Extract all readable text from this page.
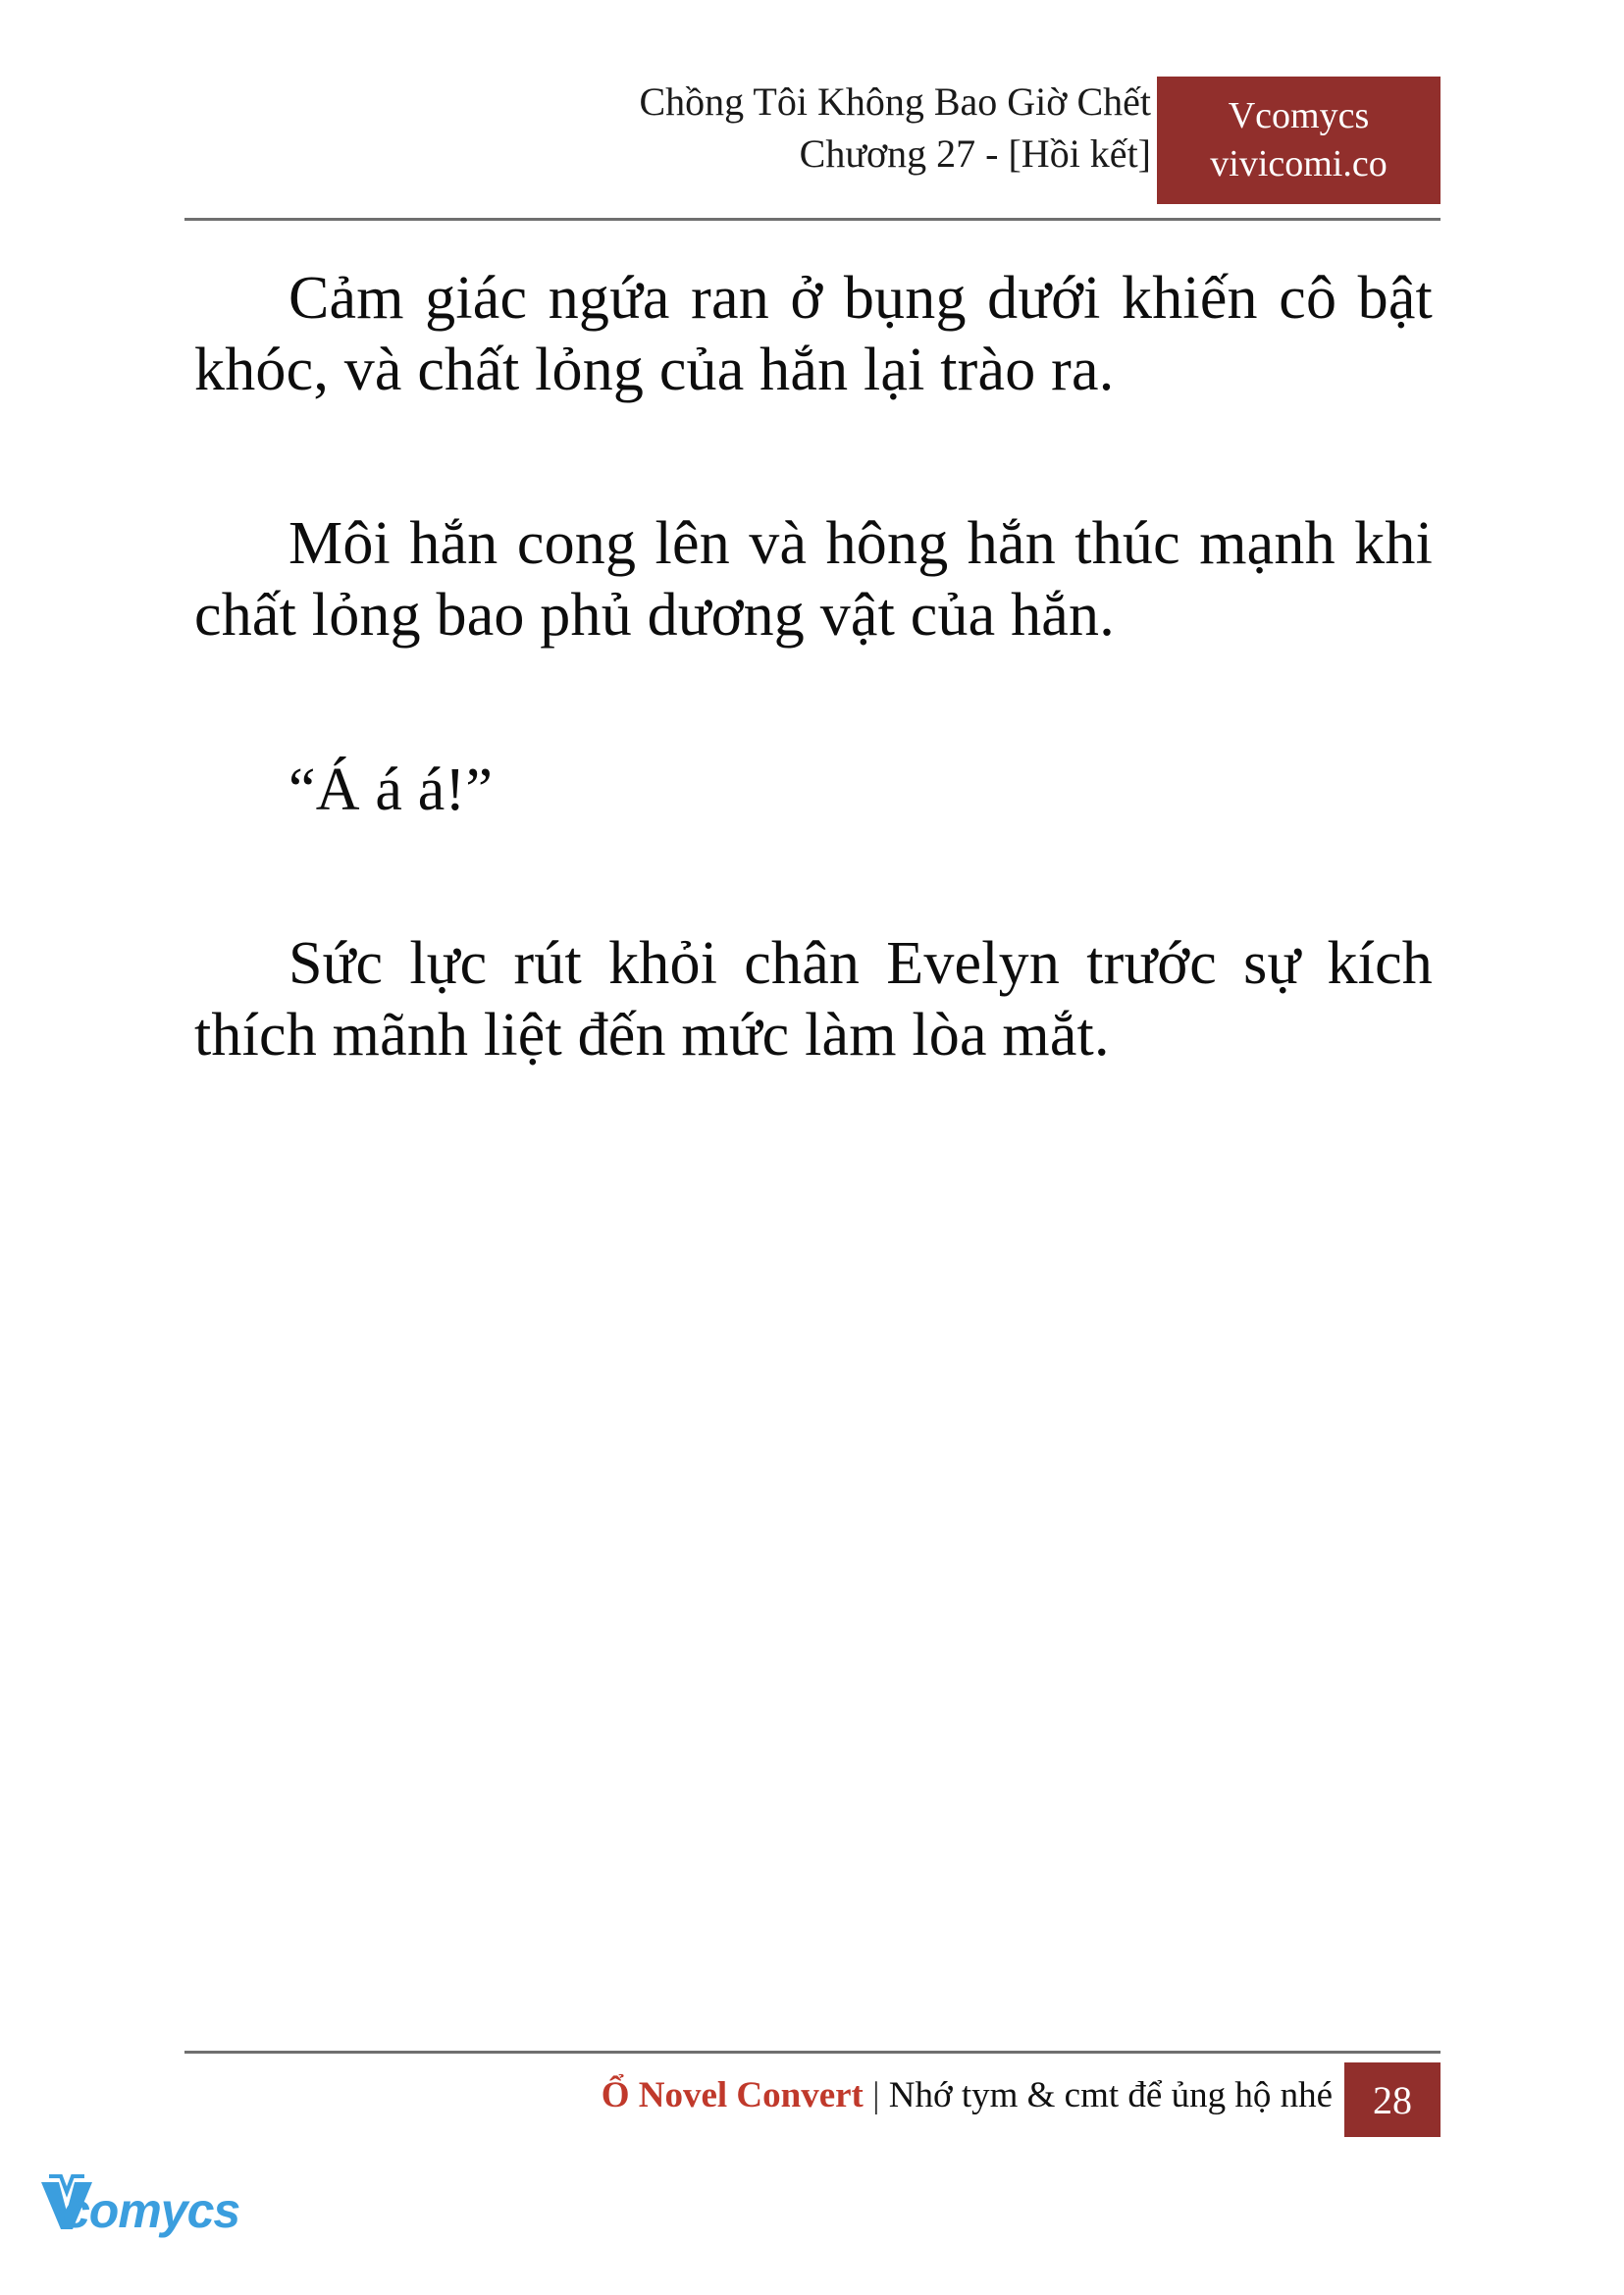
Chồng Tôi Không Bao Giờ Chết
Chương 27 - [Hồi kết]
Vcomycs
vivicomi.co

Cảm giác ngứa ran ở bụng dưới khiến cô bật khóc, và chất lỏng của hắn lại trào ra.

Môi hắn cong lên và hông hắn thúc mạnh khi chất lỏng bao phủ dương vật của hắn.

“Á á á!”

Sức lực rút khỏi chân Evelyn trước sự kích thích mãnh liệt đến mức làm lòa mắt.

Ổ Novel Convert | Nhớ tym & cmt để ủng hộ nhé	28
comycs
